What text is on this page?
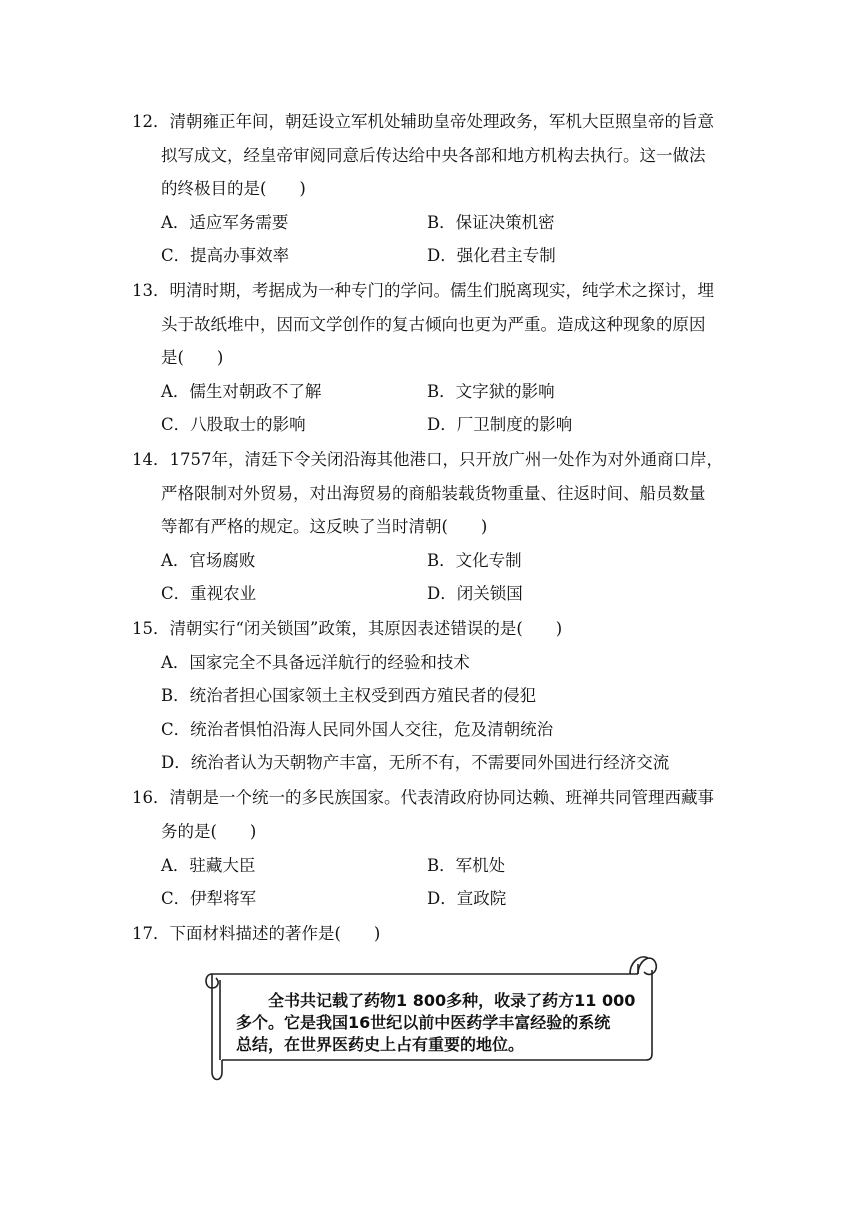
12．清朝雍正年间，朝廷设立军机处辅助皇帝处理政务，军机大臣照皇帝的旨意
拟写成文，经皇帝审阅同意后传达给中央各部和地方机构去执行。这一做法
的终极目的是(　　)
A．适应军务需要	B．保证决策机密
C．提高办事效率	D．强化君主专制
13．明清时期，考据成为一种专门的学问。儒生们脱离现实，纯学术之探讨，埋
头于故纸堆中，因而文学创作的复古倾向也更为严重。造成这种现象的原因
是(　　)
A．儒生对朝政不了解	B．文字狱的影响
C．八股取士的影响	D．厂卫制度的影响
14．1757年，清廷下令关闭沿海其他港口，只开放广州一处作为对外通商口岸，
严格限制对外贸易，对出海贸易的商船装载货物重量、往返时间、船员数量
等都有严格的规定。这反映了当时清朝(　　)
A．官场腐败	B．文化专制
C．重视农业	D．闭关锁国
15．清朝实行“闭关锁国”政策，其原因表述错误的是(　　)
A．国家完全不具备远洋航行的经验和技术
B．统治者担心国家领土主权受到西方殖民者的侵犯
C．统治者惧怕沿海人民同外国人交往，危及清朝统治
D．统治者认为天朝物产丰富，无所不有，不需要同外国进行经济交流
16．清朝是一个统一的多民族国家。代表清政府协同达赖、班禅共同管理西藏事
务的是(　　)
A．驻藏大臣	B．军机处
C．伊犁将军	D．宣政院
17．下面材料描述的著作是(　　)
全书共记载了药物1 800多种，收录了药方11 000
多个。它是我国16世纪以前中医药学丰富经验的系统
总结，在世界医药史上占有重要的地位。
